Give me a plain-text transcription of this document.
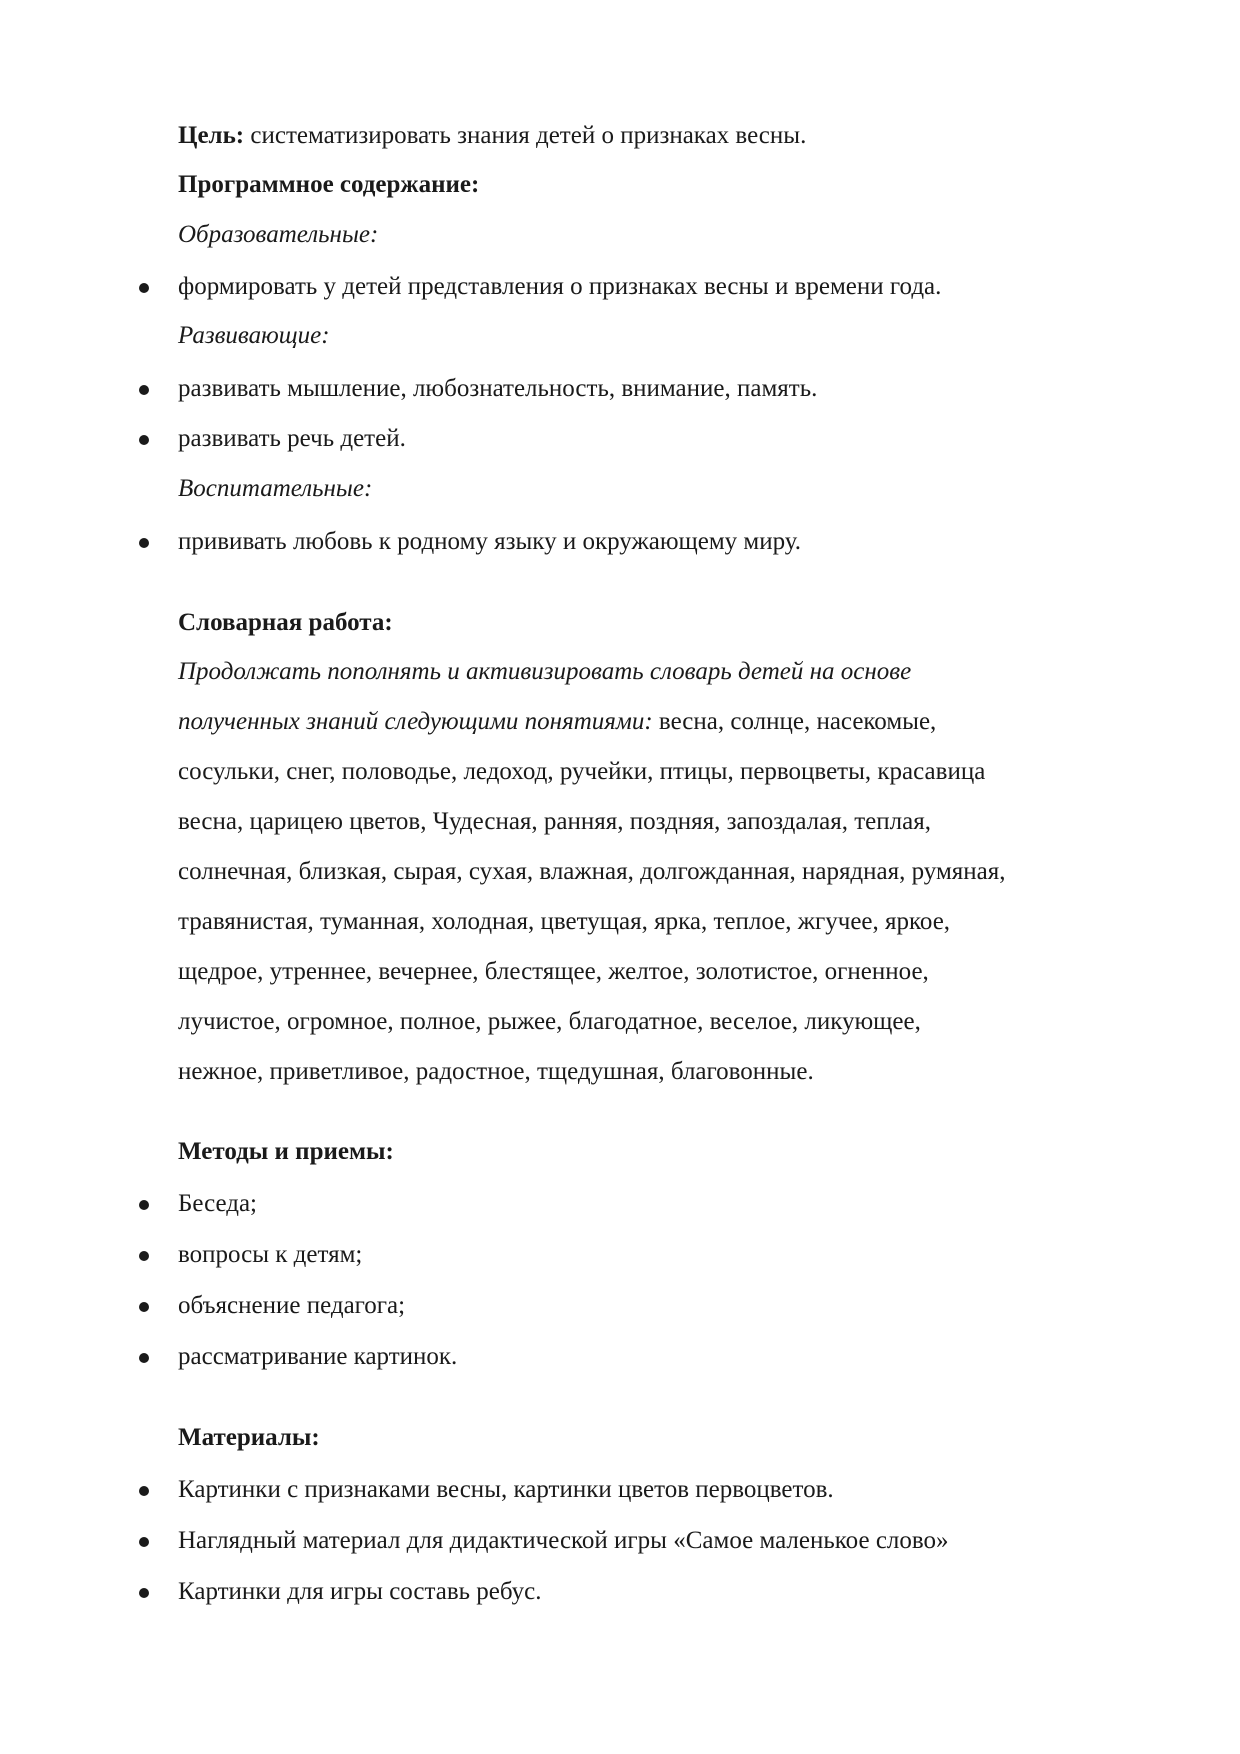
Цель: систематизировать знания детей о признаках весны.
Программное содержание:
Образовательные:
формировать у детей представления о признаках весны и времени года.
Развивающие:
развивать мышление, любознательность, внимание, память.
развивать речь детей.
Воспитательные:
прививать любовь к родному языку и окружающему миру.
Словарная работа:
Продолжать пополнять и активизировать словарь детей на основе
полученных знаний следующими понятиями: весна, солнце, насекомые,
сосульки, снег, половодье, ледоход, ручейки, птицы, первоцветы, красавица
весна, царицею цветов, Чудесная, ранняя, поздняя, запоздалая, теплая,
солнечная, близкая, сырая, сухая, влажная, долгожданная, нарядная, румяная,
травянистая, туманная, холодная, цветущая, ярка, теплое, жгучее, яркое,
щедрое, утреннее, вечернее, блестящее, желтое, золотистое, огненное,
лучистое, огромное, полное, рыжее, благодатное, веселое, ликующее,
нежное, приветливое, радостное, тщедушная, благовонные.
Методы и приемы:
Беседа;
вопросы к детям;
объяснение педагога;
рассматривание картинок.
Материалы:
Картинки с признаками весны, картинки цветов первоцветов.
Наглядный материал для дидактической игры «Самое маленькое слово»
Картинки для игры составь ребус.
